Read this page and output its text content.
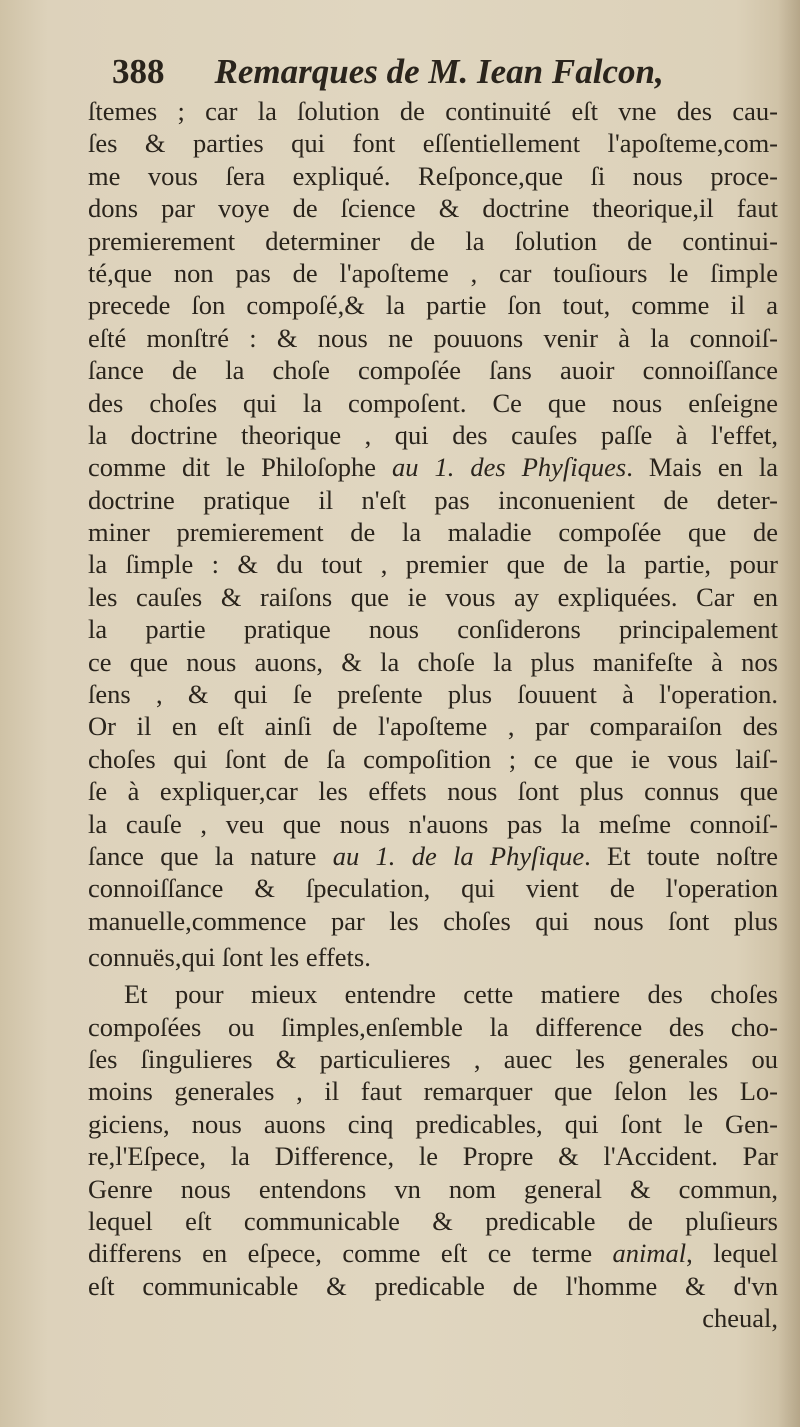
388 Remarques de M. Iean Falcon,
ſtemes ; car la ſolution de continuité eſt vne des cau-
ſes & parties qui font eſſentiellement l'apoſteme,com-
me vous ſera expliqué. Reſponce,que ſi nous proce-
dons par voye de ſcience & doctrine theorique,il faut
premierement determiner de la ſolution de continui-
té,que non pas de l'apoſteme , car touſiours le ſimple
precede ſon compoſé,& la partie ſon tout, comme il a
eſté monſtré : & nous ne pouuons venir à la connoiſ-
ſance de la choſe compoſée ſans auoir connoiſſance
des choſes qui la compoſent. Ce que nous enſeigne
la doctrine theorique , qui des cauſes paſſe à l'effet,
comme dit le Philoſophe au 1. des Phyſiques. Mais en la
doctrine pratique il n'eſt pas inconuenient de deter-
miner premierement de la maladie compoſée que de
la ſimple : & du tout , premier que de la partie, pour
les cauſes & raiſons que ie vous ay expliquées. Car en
la partie pratique nous conſiderons principalement
ce que nous auons, & la choſe la plus manifeſte à nos
ſens , & qui ſe preſente plus ſouuent à l'operation.
Or il en eſt ainſi de l'apoſteme , par comparaiſon des
choſes qui ſont de ſa compoſition ; ce que ie vous laiſ-
ſe à expliquer,car les effets nous ſont plus connus que
la cauſe , veu que nous n'auons pas la meſme connoiſ-
ſance que la nature au 1. de la Phyſique. Et toute noſtre
connoiſſance & ſpeculation, qui vient de l'operation
manuelle,commence par les choſes qui nous ſont plus
connuës,qui ſont les effets.
Et pour mieux entendre cette matiere des choſes
compoſées ou ſimples,enſemble la difference des cho-
ſes ſingulieres & particulieres , auec les generales ou
moins generales , il faut remarquer que ſelon les Lo-
giciens, nous auons cinq predicables, qui ſont le Gen-
re,l'Eſpece, la Difference, le Propre & l'Accident. Par
Genre nous entendons vn nom general & commun,
lequel eſt communicable & predicable de pluſieurs
differens en eſpece, comme eſt ce terme animal, lequel
eſt communicable & predicable de l'homme & d'vn
cheual,
